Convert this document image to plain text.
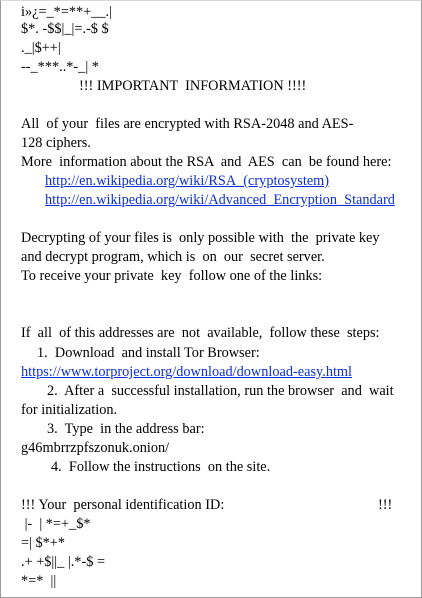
i»¿=_*=**+__.|
$*. -$$|_|=.-$ $
._|$++|
--_***..*-_| *
!!! IMPORTANT  INFORMATION !!!!
All  of your  files are encrypted with RSA-2048 and AES-
128 ciphers.
More  information about the RSA  and  AES  can  be found here:
http://en.wikipedia.org/wiki/RSA_(cryptosystem)
http://en.wikipedia.org/wiki/Advanced_Encryption_Standard
Decrypting of your files is  only possible with  the  private key
and decrypt program, which is  on  our  secret server.
To receive your private  key  follow one of the links:
If  all  of this addresses are  not  available,  follow these  steps:
1.  Download  and install Tor Browser:
https://www.torproject.org/download/download-easy.html
2.  After a  successful installation, run the browser  and  wait
for initialization.
3.  Type  in the address bar:
g46mbrrzpfszonuk.onion/
4.  Follow the instructions  on the site.
!!! Your  personal identification ID:	!!!
|-  | *=+_$*
=| $*+*
.+ +$||_ |.*-$ =
*=*  ||
